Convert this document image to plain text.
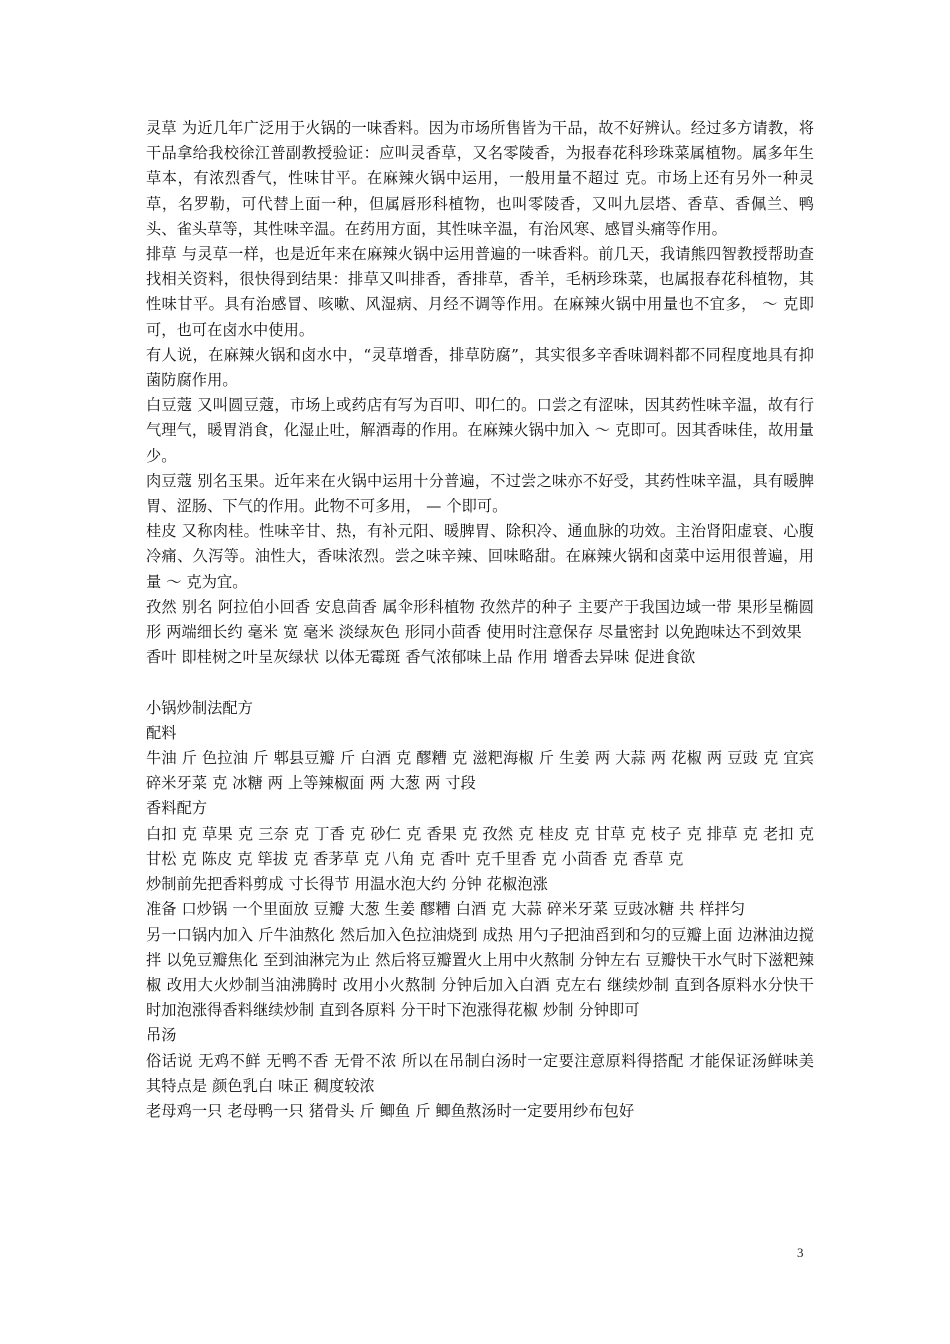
灵草 为近几年广泛用于火锅的一味香料。因为市场所售皆为干品，故不好辨认。经过多方请教，将干品拿给我校徐江普副教授验证：应叫灵香草，又名零陵香，为报春花科珍珠菜属植物。属多年生草本，有浓烈香气，性味甘平。在麻辣火锅中运用，一般用量不超过 克。市场上还有另外一种灵草，名罗勒，可代替上面一种，但属唇形科植物，也叫零陵香，又叫九层塔、香草、香佩兰、鸭头、雀头草等，其性味辛温。在药用方面，其性味辛温，有治风寒、感冒头痛等作用。

排草 与灵草一样，也是近年来在麻辣火锅中运用普遍的一味香料。前几天，我请熊四智教授帮助查找相关资料，很快得到结果：排草又叫排香，香排草，香羊，毛柄珍珠菜，也属报春花科植物，其性味甘平。具有治感冒、咳嗽、风湿病、月经不调等作用。在麻辣火锅中用量也不宜多， ～ 克即可，也可在卤水中使用。

有人说，在麻辣火锅和卤水中，“灵草增香，排草防腐”，其实很多辛香味调料都不同程度地具有抑菌防腐作用。

白豆蔻 又叫圆豆蔻，市场上或药店有写为百叩、叩仁的。口尝之有涩味，因其药性味辛温，故有行气理气，暖胃消食，化湿止吐，解酒毒的作用。在麻辣火锅中加入 ～ 克即可。因其香味佳，故用量少。

肉豆蔻 别名玉果。近年来在火锅中运用十分普遍，不过尝之味亦不好受，其药性味辛温，具有暖脾胃、涩肠、下气的作用。此物不可多用， — 个即可。

桂皮 又称肉桂。性味辛甘、热，有补元阳、暖脾胃、除积冷、通血脉的功效。主治肾阳虚衰、心腹冷痛、久泻等。油性大，香味浓烈。尝之味辛辣、回味略甜。在麻辣火锅和卤菜中运用很普遍，用量 ～ 克为宜。

孜然 别名 阿拉伯小回香 安息茴香 属伞形科植物 孜然芹的种子 主要产于我国边域一带 果形呈椭圆形 两端细长约 毫米 宽 毫米 淡绿灰色 形同小茴香 使用时注意保存 尽量密封 以免跑味达不到效果

香叶 即桂树之叶呈灰绿状 以体无霉斑 香气浓郁味上品 作用 增香去异味 促进食欲

小锅炒制法配方

配料

牛油 斤 色拉油 斤 郫县豆瓣 斤 白酒 克 醪糟 克 滋粑海椒 斤 生姜 两 大蒜 两 花椒 两 豆豉 克 宜宾碎米牙菜 克 冰糖 两 上等辣椒面 两 大葱 两 寸段

香料配方

白扣 克 草果 克 三奈 克 丁香 克 砂仁 克 香果 克 孜然 克 桂皮 克 甘草 克 枝子 克 排草 克 老扣 克 甘松 克 陈皮 克 筚拔 克 香茅草 克 八角 克 香叶 克千里香 克 小茴香 克 香草 克

炒制前先把香料剪成 寸长得节 用温水泡大约 分钟 花椒泡涨

准备 口炒锅 一个里面放 豆瓣 大葱 生姜 醪糟 白酒 克 大蒜 碎米牙菜 豆豉冰糖 共 样拌匀

另一口锅内加入 斤牛油熬化 然后加入色拉油烧到 成热 用勺子把油舀到和匀的豆瓣上面 边淋油边搅拌 以免豆瓣焦化 至到油淋完为止 然后将豆瓣置火上用中火熬制 分钟左右 豆瓣快干水气时下滋粑辣椒 改用大火炒制当油沸腾时 改用小火熬制 分钟后加入白酒 克左右 继续炒制 直到各原料水分快干时加泡涨得香料继续炒制 直到各原料 分干时下泡涨得花椒 炒制 分钟即可

吊汤

俗话说 无鸡不鲜 无鸭不香 无骨不浓 所以在吊制白汤时一定要注意原料得搭配 才能保证汤鲜味美 其特点是 颜色乳白 味正 稠度较浓

老母鸡一只 老母鸭一只 猪骨头 斤 鲫鱼 斤 鲫鱼熬汤时一定要用纱布包好

3
